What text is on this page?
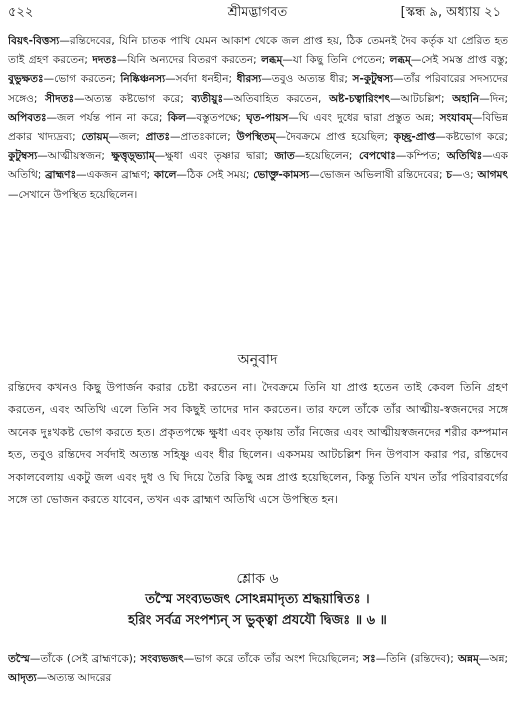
৫২২	শ্রীমদ্ভাগবত	[স্কন্ধ ৯, অধ্যায় ২১
বিয়ৎ-বিত্তস্য—রন্তিদেবের, যিনি চাতক পাখি যেমন আকাশ থেকে জল প্রাপ্ত হয়, ঠিক তেমনই দৈব কর্তৃক যা প্রেরিত হত তাই গ্রহণ করতেন; দদতঃ—যিনি অন্যদের বিতরণ করতেন; লব্ধম্—যা কিছু তিনি পেতেন; লব্ধম্—সেই সমস্ত প্রাপ্ত বস্তু; বুভুক্ষতঃ—ভোগ করতেন; নিষ্কিঞ্চনস্য—সর্বদা ধনহীন; ধীরস্য—তবুও অত্যন্ত ধীর; স-কুটুম্বস্য—তাঁর পরিবারের সদস্যদের সঙ্গেও; সীদতঃ—অত্যন্ত কষ্টভোগ করে; ব্যতীয়ুঃ—অতিবাহিত করতেন, অষ্ট-চত্বারিংশৎ—আটচল্লিশ; অহানি—দিন; অপিবতঃ—জল পর্যন্ত পান না করে; কিল—বস্তুতপক্ষে; ঘৃত-পায়স—ঘি এবং দুধের দ্বারা প্রস্তুত অন্ন; সংযাবম্—বিভিন্ন প্রকার খাদ্যদ্রব্য; তোয়ম্—জল; প্রাতঃ—প্রাতঃকালে; উপস্থিতম্—দৈবক্রমে প্রাপ্ত হয়েছিল; কৃচ্ছ্র-প্রাপ্ত—কষ্টভোগ করে; কুটুম্বস্য—আত্মীয়স্বজন; ক্ষুত্তৃড়্‌ভ্যাম্—ক্ষুধা এবং তৃষ্ণার দ্বারা; জাত—হয়েছিলেন; বেপথোঃ—কম্পিত; অতিথিঃ—এক অতিথি; ব্রাহ্মণঃ—একজন ব্রাহ্মণ; কালে—ঠিক সেই সময়; ভোক্তু-কামস্য—ভোজন অভিলাষী রন্তিদেবের; চ—ও; আগমৎ—সেখানে উপস্থিত হয়েছিলেন।
অনুবাদ
রন্তিদেব কখনও কিছু উপার্জন করার চেষ্টা করতেন না। দৈবক্রমে তিনি যা প্রাপ্ত হতেন তাই কেবল তিনি গ্রহণ করতেন, এবং অতিথি এলে তিনি সব কিছুই তাদের দান করতেন। তার ফলে তাঁকে তাঁর আত্মীয়-স্বজনদের সঙ্গে অনেক দুঃখকষ্ট ভোগ করতে হত। প্রকৃতপক্ষে ক্ষুধা এবং তৃষ্ণায় তাঁর নিজের এবং আত্মীয়স্বজনদের শরীর কম্পমান হত, তবুও রন্তিদেব সর্বদাই অত্যন্ত সহিষ্ণু এবং ধীর ছিলেন। একসময় আটচল্লিশ দিন উপবাস করার পর, রন্তিদেব সকালবেলায় একটু জল এবং দুধ ও ঘি দিয়ে তৈরি কিছু অন্ন প্রাপ্ত হয়েছিলেন, কিন্তু তিনি যখন তাঁর পরিবারবর্গের সঙ্গে তা ভোজন করতে যাবেন, তখন এক ব্রাহ্মণ অতিথি এসে উপস্থিত হন।
শ্লোক ৬
তস্মৈ সংব্যভজৎ সোঽন্নমাদৃত্য শ্রদ্ধয়ান্বিতঃ ।
হরিং সর্বত্র সংপশ্যন্ স ভুক্ত্বা প্রযযৌ দ্বিজঃ ॥ ৬ ॥
তস্মৈ—তাঁকে (সেই ব্রাহ্মণকে); সংব্যভজৎ—ভাগ করে তাঁকে তাঁর অংশ দিয়েছিলেন; সঃ—তিনি (রন্তিদেব); অন্নম্—অন্ন; আদৃত্য—অত্যন্ত আদরের
